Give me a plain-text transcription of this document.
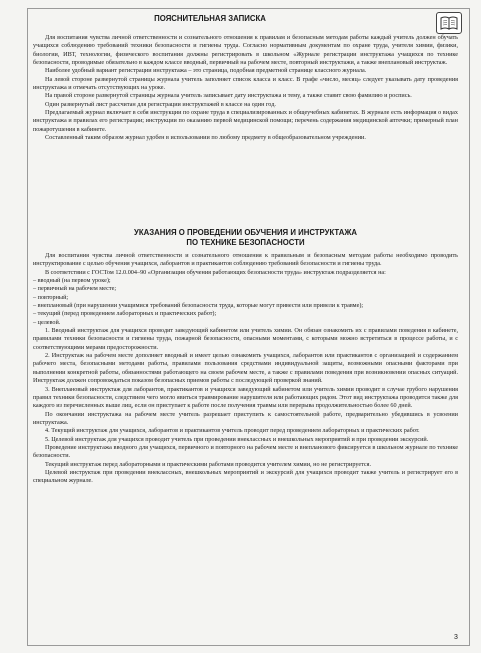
ПОЯСНИТЕЛЬНАЯ ЗАПИСКА

Для воспитания чувства личной ответственности и сознательного отношения к правилам и безопасным методам работы каждый учитель должен обучать учащихся соблюдению требований техники безопасности и гигиены труда. Согласно нормативным документам по охране труда, учителя химии, физики, биологии, ИВТ, технологии, физического воспитания должны регистрировать в школьном «Журнале регистрации инструктажа учащихся по технике безопасности, проводимые обязательно в каждом классе вводный, первичный на рабочем месте, повторный инструктажи, а также внеплановый инструктаж.

Наиболее удобный вариант регистрации инструктажа – это страница, подобная предметной странице классного журнала.

На левой стороне развернутой страницы журнала учитель заполняет список класса и класс. В графе «число, месяц» следует указывать дату проведения инструктажа и отмечать отсутствующих на уроке.

На правой стороне развернутой страницы журнала учитель записывает дату инструктажа и тему, а также ставит свою фамилию и роспись.

Один развернутый лист рассчитан для регистрации инструктажей в классе на один год.

Предлагаемый журнал включает в себя инструкции по охране труда в специализированных и общеучебных кабинетах. В журнале есть информация о видах инструктажа и правилах его регистрации; инструкции по оказанию первой медицинской помощи; перечень содержания медицинской аптечки; примерный план пожаротушения в кабинете.

Составленный таким образом журнал удобен в использовании по любому предмету в общеобразовательном учреждении.

УКАЗАНИЯ О ПРОВЕДЕНИИ ОБУЧЕНИЯ И ИНСТРУКТАЖА
ПО ТЕХНИКЕ БЕЗОПАСНОСТИ

Для воспитания чувства личной ответственности и сознательного отношения к правильным и безопасным методам работы необходимо проводить инструктирование с целью обучения учащихся, лаборантов и практикантов соблюдению требований безопасности и гигиены труда.

В соответствии с ГОСТом 12.0.004–90 «Организация обучения работающих безопасности труда» инструктаж подразделяется на:

– вводный (на первом уроке);

– первичный на рабочем месте;

– повторный;

– внеплановый (при нарушении учащимися требований безопасности труда, которые могут привести или привели к травме);

– текущий (перед проведением лабораторных и практических работ);

– целевой.

1. Вводный инструктаж для учащихся проводит заведующий кабинетом или учитель химии. Он обязан ознакомить их с правилами поведения в кабинете, правилами техники безопасности и гигиены труда, пожарной безопасности, опасными моментами, с которыми можно встретиться в процессе работы, и с соответствующими мерами предосторожности.

2. Инструктаж на рабочем месте дополняет вводный и имеет целью ознакомить учащихся, лаборантов или практикантов с организацией и содержанием рабочего места, безопасными методами работы, правилами пользования средствами индивидуальной защиты, возможными опасными факторами при выполнении конкретной работы, обязанностями работающего на своем рабочем месте, а также с правилами поведения при возникновении опасных ситуаций. Инструктаж должен сопровождаться показом безопасных приемов работы с последующей проверкой знаний.

3. Внеплановый инструктаж для лаборантов, практикантов и учащихся заведующий кабинетом или учитель химии проводит в случае грубого нарушения правил техники безопасности, следствием чего могло явиться травмирование нарушителя или работающих рядом. Этот вид инструктажа проводится также для каждого из перечисленных выше лиц, если он приступает к работе после получения травмы или перерыва продолжительностью более 60 дней.

По окончании инструктажа на рабочем месте учитель разрешает приступить к самостоятельной работе, предварительно убедившись в усвоении инструктажа.

4. Текущий инструктаж для учащихся, лаборантов и практикантов учитель проводит перед проведением лабораторных и практических работ.

5. Целевой инструктаж для учащихся проводит учитель при проведении внеклассных и внешкольных мероприятий и при проведении экскурсий.

Проведение инструктажа вводного для учащихся, первичного и повторного на рабочем месте и внепланового фиксируется в школьном журнале по технике безопасности.

Текущий инструктаж перед лабораторными и практическими работами проводится учителем химии, но не регистрируется.

Целевой инструктаж при проведении внеклассных, внешкольных мероприятий и экскурсий для учащихся проводит также учитель и регистрирует его в специальном журнале.

3
